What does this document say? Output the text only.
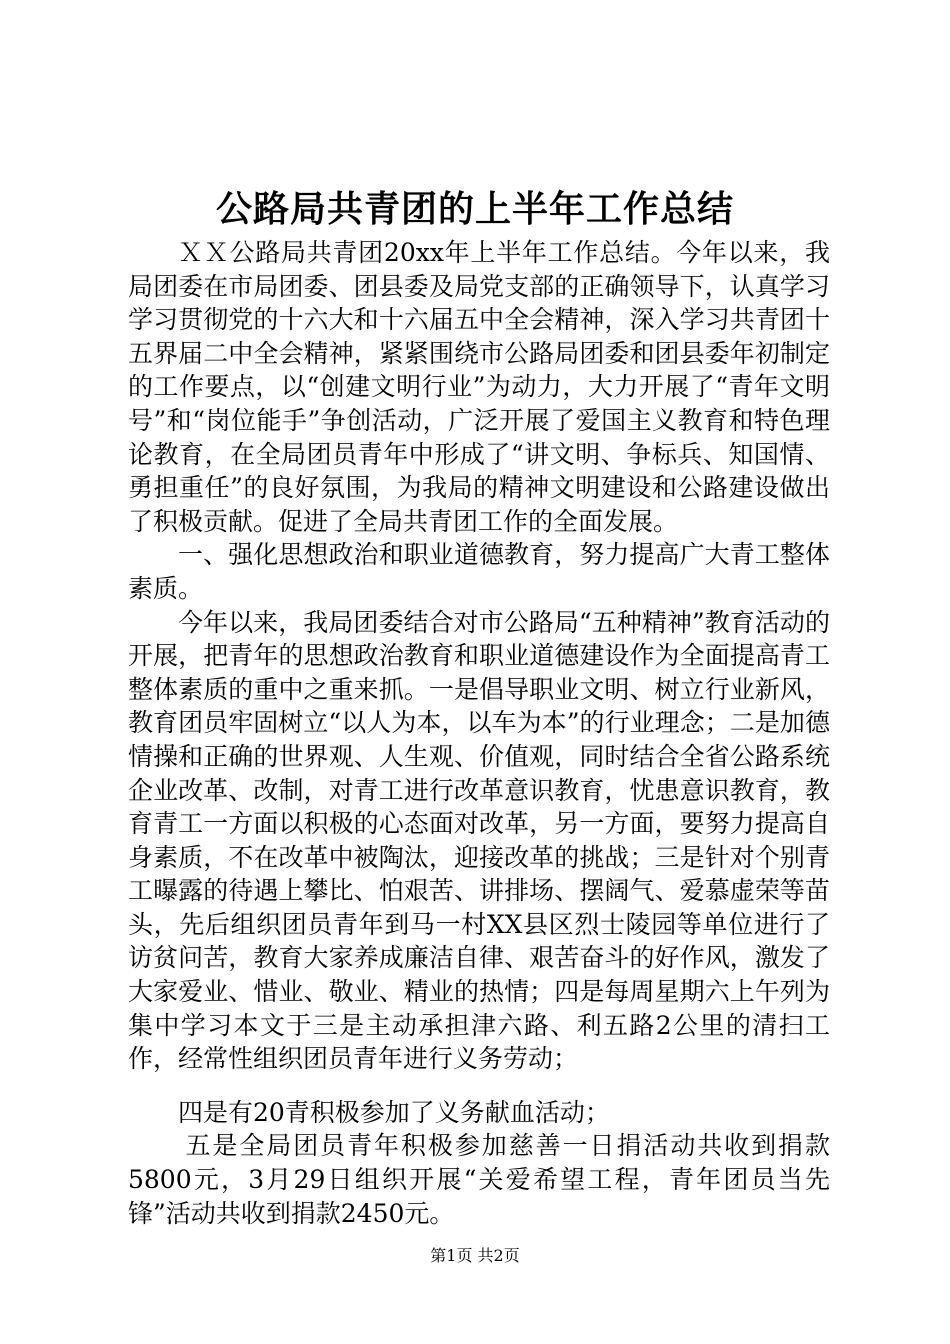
公路局共青团的上半年工作总结

ＸＸ公路局共青团20xx年上半年工作总结。今年以来，我局团委在市局团委、团县委及局党支部的正确领导下，认真学习学习贯彻党的十六大和十六届五中全会精神，深入学习共青团十五界届二中全会精神，紧紧围绕市公路局团委和团县委年初制定的工作要点，以“创建文明行业”为动力，大力开展了“青年文明号”和“岗位能手”争创活动，广泛开展了爱国主义教育和特色理论教育，在全局团员青年中形成了“讲文明、争标兵、知国情、勇担重任”的良好氛围，为我局的精神文明建设和公路建设做出了积极贡献。促进了全局共青团工作的全面发展。

一、强化思想政治和职业道德教育，努力提高广大青工整体素质。

今年以来，我局团委结合对市公路局“五种精神”教育活动的开展，把青年的思想政治教育和职业道德建设作为全面提高青工整体素质的重中之重来抓。一是倡导职业文明、树立行业新风，教育团员牢固树立“以人为本，以车为本”的行业理念；二是加德情操和正确的世界观、人生观、价值观，同时结合全省公路系统企业改革、改制，对青工进行改革意识教育，忧患意识教育，教育青工一方面以积极的心态面对改革，另一方面，要努力提高自身素质，不在改革中被陶汰，迎接改革的挑战；三是针对个别青工曝露的待遇上攀比、怕艰苦、讲排场、摆阔气、爱慕虚荣等苗头，先后组织团员青年到马一村XX县区烈士陵园等单位进行了访贫问苦，教育大家养成廉洁自律、艰苦奋斗的好作风，激发了大家爱业、惜业、敬业、精业的热情；四是每周星期六上午列为集中学习本文于三是主动承担津六路、利五路2公里的清扫工作，经常性组织团员青年进行义务劳动；

四是有20青积极参加了义务献血活动；

五是全局团员青年积极参加慈善一日捐活动共收到捐款5800元，3月29日组织开展“关爱希望工程，青年团员当先锋”活动共收到捐款2450元。

第1页 共2页
